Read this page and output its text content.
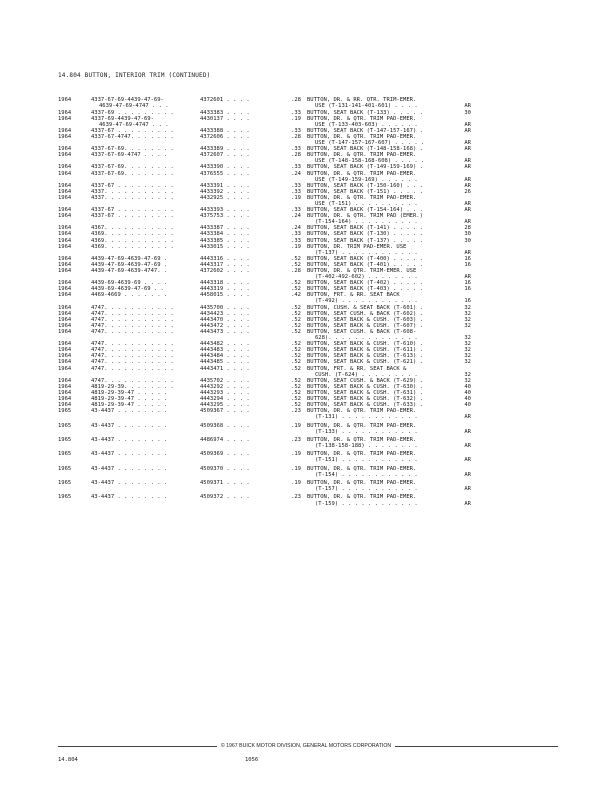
14.804 BUTTON, INTERIOR TRIM (CONTINUED)
1964	4337-67-69-4439-47-69-	4372601 . . . .	.28 BUTTON, DR. & RR. QTR. TRIM-EMER.
4639-47-69-4747 . . .	USE (T-131-141-401-601) . . . .	AR
1964	4337-69 . . . . . . . . .	4433383 . . . .	.33 BUTTON, SEAT BACK (T-133) . . . . .	30
1964	4337-69-4439-47-69-	4430137 . . . .	.19 BUTTON, DR. & QTR. TRIM PAD-EMER.
4639-47-69-4747 . . .	USE (T-133-403-603) . . . . . .	AR
1964	4337-67 . . . . . . . . .	4433388 . . . .	.33 BUTTON, SEAT BACK (T-147-157-167) .	AR
1964	4337-67-4747. . . . . . .	4372606 . . . .	.28 BUTTON, DR. & QTR. TRIM PAD-EMER.
USE (T-147-157-167-607) . . . . .	AR
1964	4337-67-69. . . . . . . .	4433389 . . . .	.33 BUTTON, SEAT BACK (T-148-158-168) .	AR
1964	4337-67-69-4747 . . . .	4372607 . . . .	.28 BUTTON, DR. & QTR. TRIM PAD-EMER.
USE (T-148-158-168-608) . . . . .	AR
1964	4337-67-69. . . . . . . .	4433390 . . . .	.33 BUTTON, SEAT BACK (T-149-159-169) .	AR
1964	4337-67-69. . . . . . . .	4376555 . . . .	.24 BUTTON, DR. & QTR. TRIM PAD-EMER.
USE (T-149-159-169) . . . . . .	AR
1964	4337-67 . . . . . . . . .	4433391 . . . .	.33 BUTTON, SEAT BACK (T-150-160) . . .	AR
1964	4337. . . . . . . . . . .	4433392 . . . .	.33 BUTTON, SEAT BACK (T-151) . . . . .	26
1964	4337. . . . . . . . . . .	4432925 . . . .	.19 BUTTON, DR. & QTR. TRIM PAD-EMER.
USE (T-151) . . . . . . . . . .	AR
1964	4337-67 . . . . . . . . .	4433393 . . . .	.33 BUTTON, SEAT BACK (T-154-164) . . .	AR
1964	4337-67 . . . . . . . . .	4375753 . . . .	.24 BUTTON, DR. & QTR. TRIM PAD (EMER.)
(T-154-164) . . . . . . . . . .	AR
1964	4367. . . . . . . . . . .	4433387 . . . .	.24 BUTTON, SEAT BACK (T-141) . . . . .	28
1964	4369. . . . . . . . . . .	4433384 . . . .	.33 BUTTON, SEAT BACK (T-130) . . . . .	30
1964	4369. . . . . . . . . . .	4433385 . . . .	.33 BUTTON, SEAT BACK (T-137) . . . . .	30
1964	4369. . . . . . . . . . .	4433015 . . . .	.19 BUTTON, DR. TRIM PAD-EMER. USE
(T-137) . . . . . . . . . . . .	AR
1964	4439-47-69-4639-47-69 .	4443316 . . . .	.52 BUTTON, SEAT BACK (T-400) . . . . .	16
1964	4439-47-69-4639-47-69 .	4443317 . . . .	.52 BUTTON, SEAT BACK (T-401) . . . . .	16
1964	4439-47-69-4639-4747. .	4372602 . . . .	.28 BUTTON, DR. & QTR. TRIM-EMER. USE
(T-402-492-602) . . . . . . . .	AR
1964	4439-69-4639-69 . . . .	4443318 . . . .	.52 BUTTON, SEAT BACK (T-402) . . . . .	16
1964	4439-69-4639-47-69 . .	4443319 . . . .	.52 BUTTON, SEAT BACK (T-403) . . . . .	16
1964	4469-4669 . . . . . . .	4458015 . . . .	.42 BUTTON, FRT. & RR. SEAT BACK
(T-492) . . . . . . . . . . . .	16
1964	4747. . . . . . . . . . .	4435700 . . . .	.52 BUTTON, CUSH. & SEAT BACK (T-601) .	32
1964	4747. . . . . . . . . . .	4434423 . . . .	.52 BUTTON, SEAT CUSH. & BACK (T-602) .	32
1964	4747. . . . . . . . . . .	4443470 . . . .	.52 BUTTON, SEAT BACK & CUSH. (T-603) .	32
1964	4747. . . . . . . . . . .	4443472 . . . .	.52 BUTTON, SEAT BACK & CUSH. (T-607) .	32
1964	4747. . . . . . . . . . .	4443473 . . . .	.52 BUTTON, SEAT CUSH. & BACK (T-608-
628). . . . . . . . . . . . . .	32
1964	4747. . . . . . . . . . .	4443482 . . . .	.52 BUTTON, SEAT BACK & CUSH. (T-610) .	32
1964	4747. . . . . . . . . . .	4443483 . . . .	.52 BUTTON, SEAT BACK & CUSH. (T-611) .	32
1964	4747. . . . . . . . . . .	4443484 . . . .	.52 BUTTON, SEAT BACK & CUSH. (T-613) .	32
1964	4747. . . . . . . . . . .	4443485 . . . .	.52 BUTTON, SEAT BACK & CUSH. (T-621) .	32
1964	4747. . . . . . . . . . .	4443471 . . . .	.52 BUTTON, FRT. & RR. SEAT BACK &
CUSH. (T-624) . . . . . . . . .	32
1964	4747. . . . . . . . . . .	4435702 . . . .	.52 BUTTON, SEAT CUSH. & BACK (T-629) .	32
1964	4819-29-39. . . . . . . .	4443292 . . . .	.52 BUTTON, SEAT BACK & CUSH. (T-630) .	40
1964	4819-29-39-47 . . . . .	4443293 . . . .	.52 BUTTON, SEAT BACK & CUSH. (T-631) .	40
1964	4819-29-39-47 . . . . .	4443294 . . . .	.52 BUTTON, SEAT BACK & CUSH. (T-632) .	40
1964	4819-29-39-47 . . . . .	4443295 . . . .	.52 BUTTON, SEAT BACK & CUSH. (T-633) .	40
1965	43-4437 . . . . . . . .	4509367 . . . .	.23 BUTTON, DR. & QTR. TRIM PAD-EMER.
(T-131) . . . . . . . . . . . .	AR
1965	43-4437 . . . . . . . .	4509368 . . . .	.19 BUTTON, DR. & QTR. TRIM PAD-EMER.
(T-133) . . . . . . . . . . . .	AR
1965	43-4437 . . . . . . . .	4486974 . . . .	.23 BUTTON, DR. & QTR. TRIM PAD-EMER.
(T-138-158-188) . . . . . . . .	AR
1965	43-4437 . . . . . . . .	4509369 . . . .	.19 BUTTON, DR. & QTR. TRIM PAD-EMER.
(T-151) . . . . . . . . . . . .	AR
1965	43-4437 . . . . . . . .	4509370 . . . .	.19 BUTTON, DR. & QTR. TRIM PAD-EMER.
(T-154) . . . . . . . . . . . .	AR
1965	43-4437 . . . . . . . .	4509371 . . . .	.19 BUTTON, DR. & QTR. TRIM PAD-EMER.
(T-157) . . . . . . . . . . . .	AR
1965	43-4437 . . . . . . . .	4509372 . . . .	.23 BUTTON, DR. & QTR. TRIM PAD-EMER.
(T-159) . . . . . . . . . . . .	AR
© 1967 BUICK MOTOR DIVISION, GENERAL MOTORS CORPORATION
14.804	1056
